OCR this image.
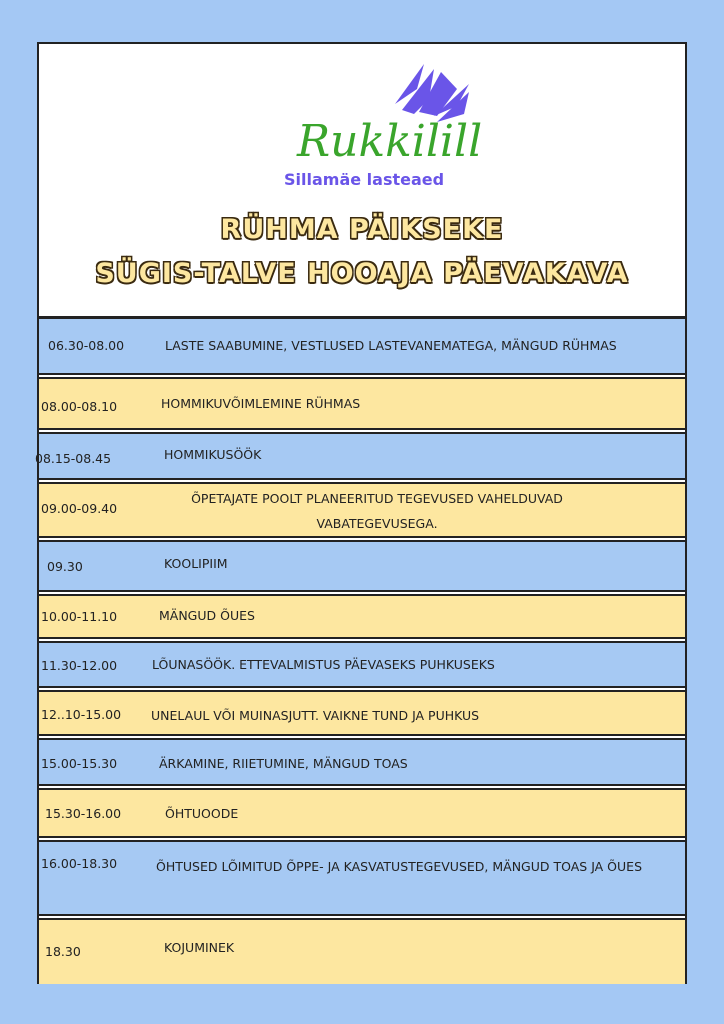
Rukkilill
Sillamäe lasteaed
RÜHMA PÄIKSEKE
SÜGIS-TALVE HOOAJA PÄEVAKAVA
06.30-08.00	LASTE SAABUMINE, VESTLUSED LASTEVANEMATEGA, MÄNGUD RÜHMAS
08.00-08.10	HOMMIKUVÕIMLEMINE RÜHMAS
08.15-08.45	HOMMIKUSÖÖK
09.00-09.40
ÕPETAJATE POOLT PLANEERITUD TEGEVUSED VAHELDUVAD VABATEGEVUSEGA.
09.30	KOOLIPIIM
10.00-11.10	MÄNGUD ÕUES
11.30-12.00	LÕUNASÖÖK. ETTEVALMISTUS PÄEVASEKS PUHKUSEKS
12..10-15.00 UNELAUL VÕI MUINASJUTT. VAIKNE TUND JA PUHKUS
15.00-15.30	ÄRKAMINE, RIIETUMINE, MÄNGUD TOAS
15.30-16.00	ÕHTUOODE
16.00-18.30	ÕHTUSED LÕIMITUD ÕPPE- JA KASVATUSTEGEVUSED, MÄNGUD TOAS JA ÕUES
18.30	KOJUMINEK
